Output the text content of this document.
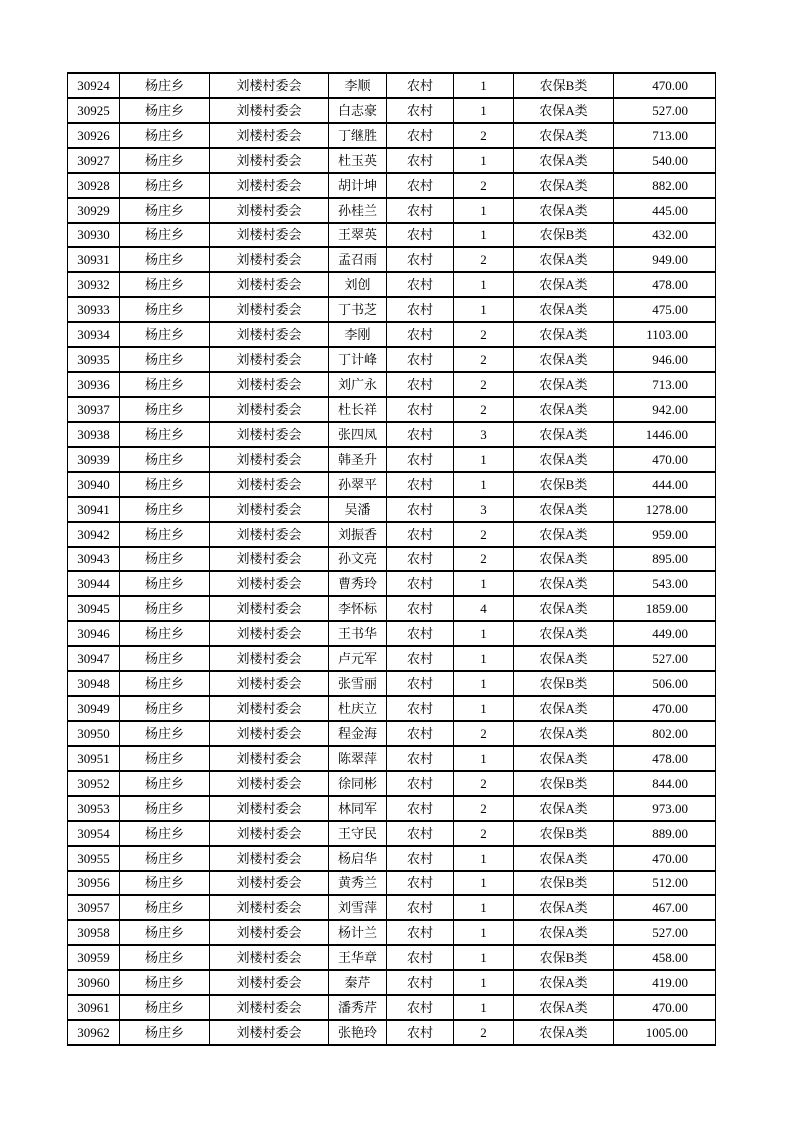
30924	杨庄乡	刘楼村委会	李顺	农村	1	农保B类	470.00
30925	杨庄乡	刘楼村委会	白志豪	农村	1	农保A类	527.00
30926	杨庄乡	刘楼村委会	丁继胜	农村	2	农保A类	713.00
30927	杨庄乡	刘楼村委会	杜玉英	农村	1	农保A类	540.00
30928	杨庄乡	刘楼村委会	胡计坤	农村	2	农保A类	882.00
30929	杨庄乡	刘楼村委会	孙桂兰	农村	1	农保A类	445.00
30930	杨庄乡	刘楼村委会	王翠英	农村	1	农保B类	432.00
30931	杨庄乡	刘楼村委会	孟召雨	农村	2	农保A类	949.00
30932	杨庄乡	刘楼村委会	刘创	农村	1	农保A类	478.00
30933	杨庄乡	刘楼村委会	丁书芝	农村	1	农保A类	475.00
30934	杨庄乡	刘楼村委会	李刚	农村	2	农保A类	1103.00
30935	杨庄乡	刘楼村委会	丁计峰	农村	2	农保A类	946.00
30936	杨庄乡	刘楼村委会	刘广永	农村	2	农保A类	713.00
30937	杨庄乡	刘楼村委会	杜长祥	农村	2	农保A类	942.00
30938	杨庄乡	刘楼村委会	张四凤	农村	3	农保A类	1446.00
30939	杨庄乡	刘楼村委会	韩圣升	农村	1	农保A类	470.00
30940	杨庄乡	刘楼村委会	孙翠平	农村	1	农保B类	444.00
30941	杨庄乡	刘楼村委会	吴潘	农村	3	农保A类	1278.00
30942	杨庄乡	刘楼村委会	刘振香	农村	2	农保A类	959.00
30943	杨庄乡	刘楼村委会	孙文亮	农村	2	农保A类	895.00
30944	杨庄乡	刘楼村委会	曹秀玲	农村	1	农保A类	543.00
30945	杨庄乡	刘楼村委会	李怀标	农村	4	农保A类	1859.00
30946	杨庄乡	刘楼村委会	王书华	农村	1	农保A类	449.00
30947	杨庄乡	刘楼村委会	卢元军	农村	1	农保A类	527.00
30948	杨庄乡	刘楼村委会	张雪丽	农村	1	农保B类	506.00
30949	杨庄乡	刘楼村委会	杜庆立	农村	1	农保A类	470.00
30950	杨庄乡	刘楼村委会	程金海	农村	2	农保A类	802.00
30951	杨庄乡	刘楼村委会	陈翠萍	农村	1	农保A类	478.00
30952	杨庄乡	刘楼村委会	徐同彬	农村	2	农保B类	844.00
30953	杨庄乡	刘楼村委会	林同军	农村	2	农保A类	973.00
30954	杨庄乡	刘楼村委会	王守民	农村	2	农保B类	889.00
30955	杨庄乡	刘楼村委会	杨启华	农村	1	农保A类	470.00
30956	杨庄乡	刘楼村委会	黄秀兰	农村	1	农保B类	512.00
30957	杨庄乡	刘楼村委会	刘雪萍	农村	1	农保A类	467.00
30958	杨庄乡	刘楼村委会	杨计兰	农村	1	农保A类	527.00
30959	杨庄乡	刘楼村委会	王华章	农村	1	农保B类	458.00
30960	杨庄乡	刘楼村委会	秦芹	农村	1	农保A类	419.00
30961	杨庄乡	刘楼村委会	潘秀芹	农村	1	农保A类	470.00
30962	杨庄乡	刘楼村委会	张艳玲	农村	2	农保A类	1005.00
